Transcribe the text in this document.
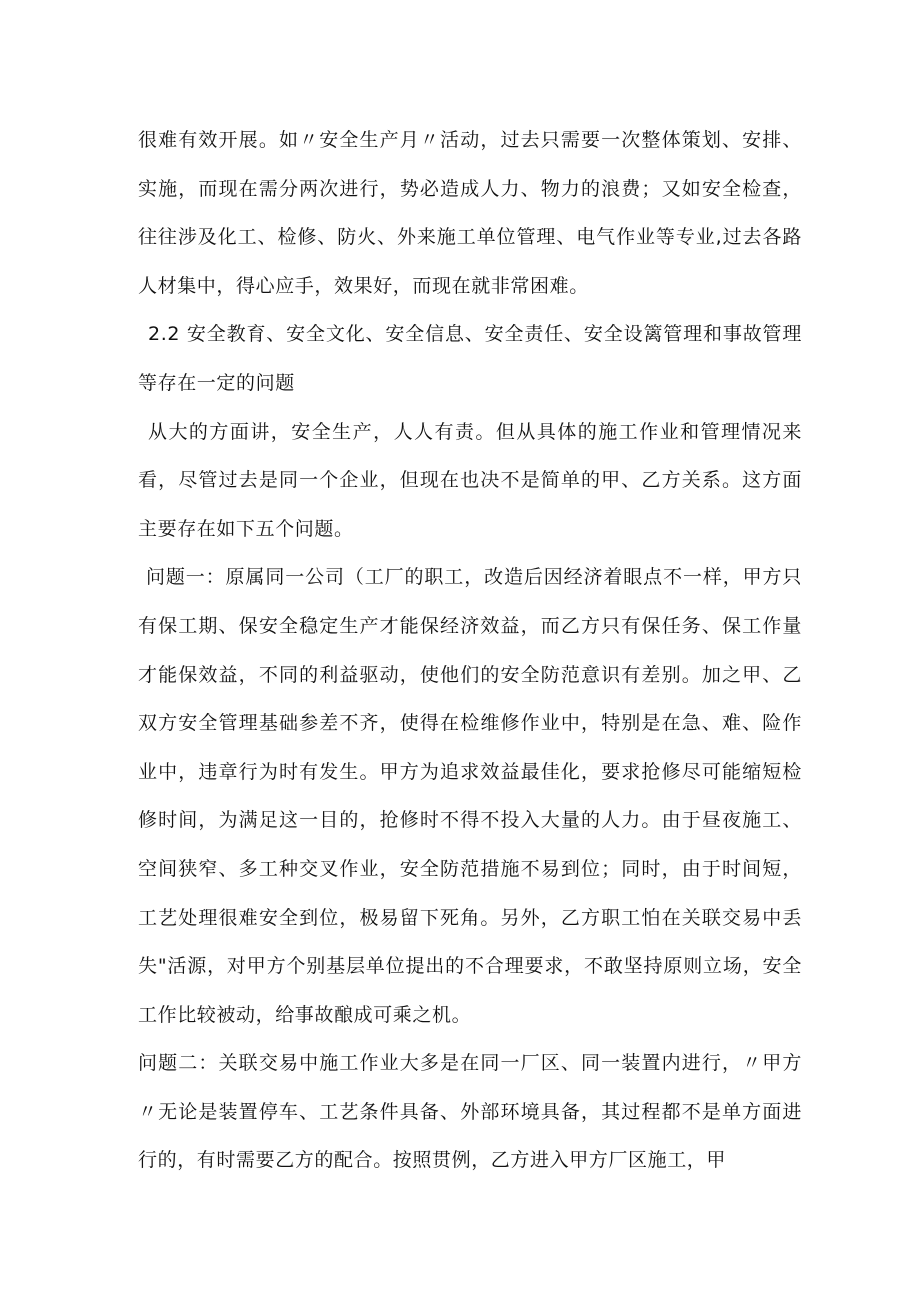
很难有效开展。如〃安全生产月〃活动，过去只需要一次整体策划、安排、实施，而现在需分两次进行，势必造成人力、物力的浪费；又如安全检查，往往涉及化工、检修、防火、外来施工单位管理、电气作业等专业,过去各路人材集中，得心应手，效果好，而现在就非常困难。

2.2 安全教育、安全文化、安全信息、安全责任、安全设篱管理和事故管理等存在一定的问题

从大的方面讲，安全生产，人人有责。但从具体的施工作业和管理情况来看，尽管过去是同一个企业，但现在也决不是简单的甲、乙方关系。这方面主要存在如下五个问题。

问题一：原属同一公司（工厂的职工，改造后因经济着眼点不一样，甲方只有保工期、保安全稳定生产才能保经济效益，而乙方只有保任务、保工作量才能保效益，不同的利益驱动，使他们的安全防范意识有差别。加之甲、乙双方安全管理基础参差不齐，使得在检维修作业中，特别是在急、难、险作业中，违章行为时有发生。甲方为追求效益最佳化，要求抢修尽可能缩短检修时间，为满足这一目的，抢修时不得不投入大量的人力。由于昼夜施工、空间狭窄、多工种交叉作业，安全防范措施不易到位；同时，由于时间短，工艺处理很难安全到位，极易留下死角。另外，乙方职工怕在关联交易中丢失"活源，对甲方个别基层单位提出的不合理要求，不敢坚持原则立场，安全工作比较被动，给事故酿成可乘之机。

问题二：关联交易中施工作业大多是在同一厂区、同一装置内进行，〃甲方〃无论是装置停车、工艺条件具备、外部环境具备，其过程都不是单方面进行的，有时需要乙方的配合。按照贯例，乙方进入甲方厂区施工，甲
